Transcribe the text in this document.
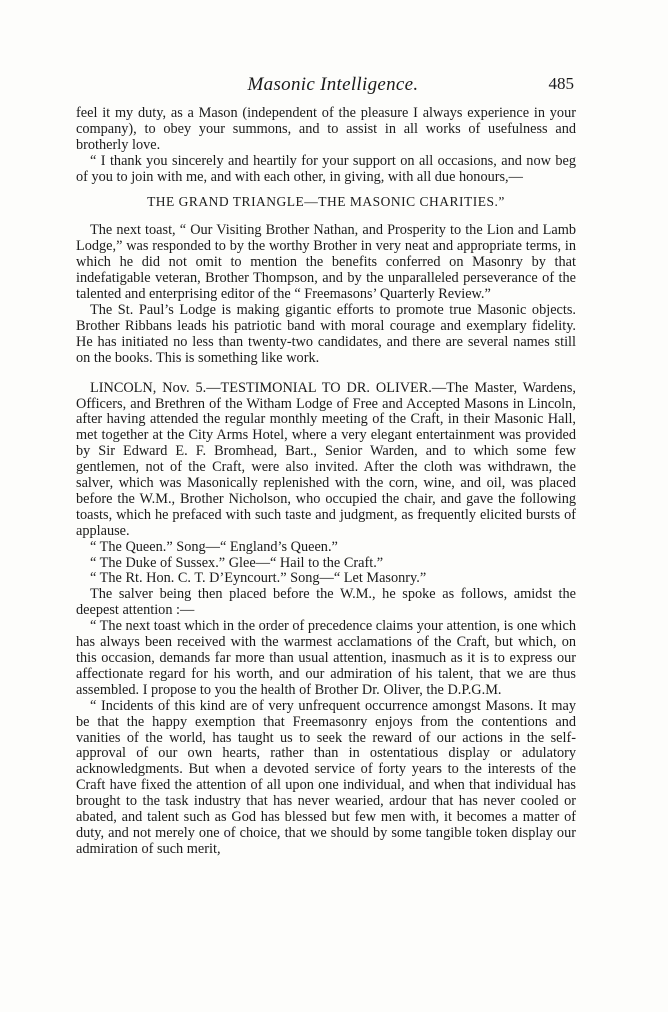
Masonic Intelligence.	485

feel it my duty, as a Mason (independent of the pleasure I always experience in your company), to obey your summons, and to assist in all works of usefulness and brotherly love.

“ I thank you sincerely and heartily for your support on all occasions, and now beg of you to join with me, and with each other, in giving, with all due honours,—

THE GRAND TRIANGLE—THE MASONIC CHARITIES.”

The next toast, “ Our Visiting Brother Nathan, and Prosperity to the Lion and Lamb Lodge,” was responded to by the worthy Brother in very neat and appropriate terms, in which he did not omit to mention the benefits conferred on Masonry by that indefatigable veteran, Brother Thompson, and by the unparalleled perseverance of the talented and enterprising editor of the “ Freemasons’ Quarterly Review.”

The St. Paul’s Lodge is making gigantic efforts to promote true Masonic objects. Brother Ribbans leads his patriotic band with moral courage and exemplary fidelity. He has initiated no less than twenty-two candidates, and there are several names still on the books. This is something like work.

LINCOLN, Nov. 5.—TESTIMONIAL TO DR. OLIVER.—The Master, Wardens, Officers, and Brethren of the Witham Lodge of Free and Accepted Masons in Lincoln, after having attended the regular monthly meeting of the Craft, in their Masonic Hall, met together at the City Arms Hotel, where a very elegant entertainment was provided by Sir Edward E. F. Bromhead, Bart., Senior Warden, and to which some few gentlemen, not of the Craft, were also invited. After the cloth was withdrawn, the salver, which was Masonically replenished with the corn, wine, and oil, was placed before the W.M., Brother Nicholson, who occupied the chair, and gave the following toasts, which he prefaced with such taste and judgment, as frequently elicited bursts of applause.

“ The Queen.” Song—“ England’s Queen.”

“ The Duke of Sussex.” Glee—“ Hail to the Craft.”

“ The Rt. Hon. C. T. D’Eyncourt.” Song—“ Let Masonry.”

The salver being then placed before the W.M., he spoke as follows, amidst the deepest attention :—

“ The next toast which in the order of precedence claims your attention, is one which has always been received with the warmest acclamations of the Craft, but which, on this occasion, demands far more than usual attention, inasmuch as it is to express our affectionate regard for his worth, and our admiration of his talent, that we are thus assembled. I propose to you the health of Brother Dr. Oliver, the D.P.G.M.

“ Incidents of this kind are of very unfrequent occurrence amongst Masons. It may be that the happy exemption that Freemasonry enjoys from the contentions and vanities of the world, has taught us to seek the reward of our actions in the self-approval of our own hearts, rather than in ostentatious display or adulatory acknowledgments. But when a devoted service of forty years to the interests of the Craft have fixed the attention of all upon one individual, and when that individual has brought to the task industry that has never wearied, ardour that has never cooled or abated, and talent such as God has blessed but few men with, it becomes a matter of duty, and not merely one of choice, that we should by some tangible token display our admiration of such merit,
